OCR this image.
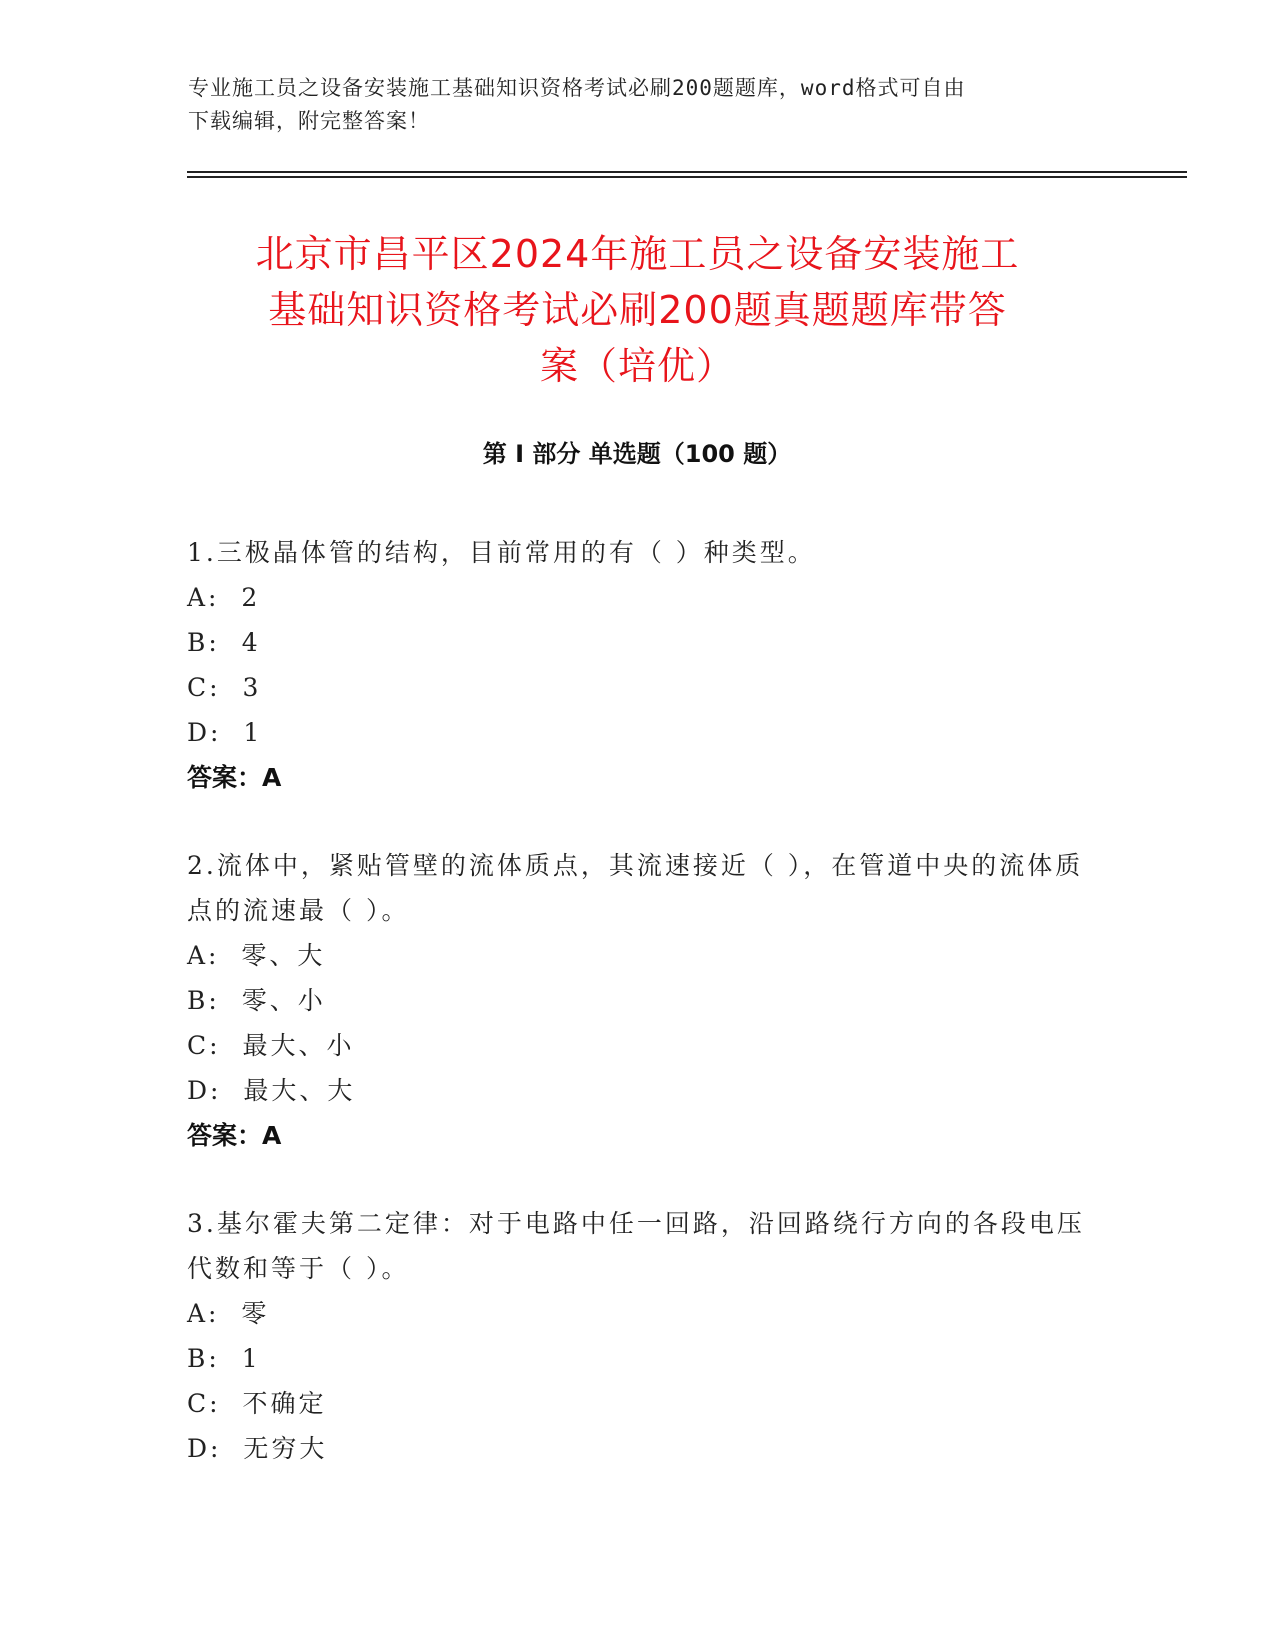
专业施工员之设备安装施工基础知识资格考试必刷200题题库，word格式可自由
下载编辑，附完整答案！
北京市昌平区2024年施工员之设备安装施工
基础知识资格考试必刷200题真题题库带答
案（培优）
第 I 部分 单选题（100 题）
1.三极晶体管的结构，目前常用的有（ ）种类型。
A:  2
B:  4
C:  3
D:  1
答案：A
2.流体中，紧贴管壁的流体质点，其流速接近（ ），在管道中央的流体质点的流速最（ ）。
A:  零、大
B:  零、小
C:  最大、小
D:  最大、大
答案：A
3.基尔霍夫第二定律：对于电路中任一回路，沿回路绕行方向的各段电压代数和等于（ ）。
A:  零
B:  1
C:  不确定
D:  无穷大
